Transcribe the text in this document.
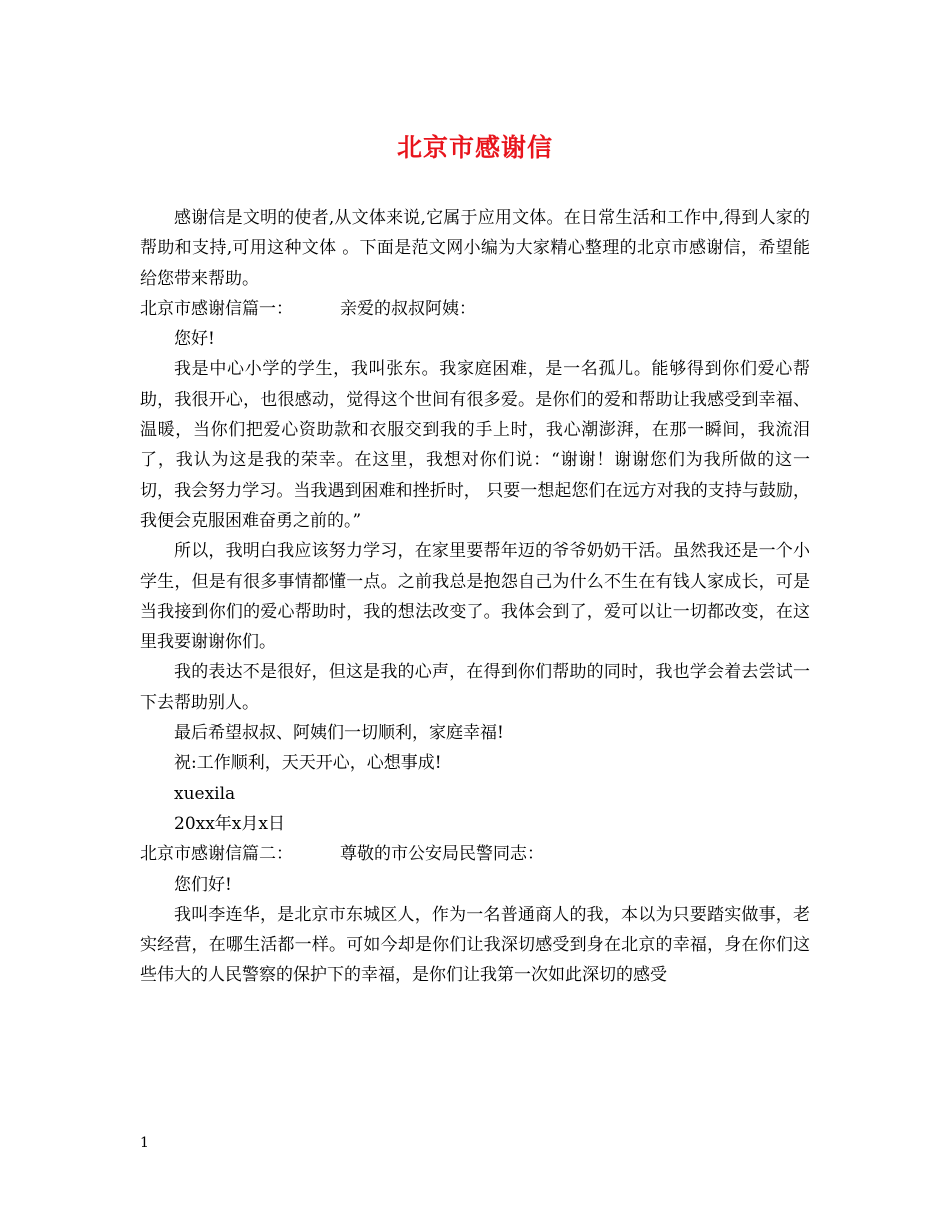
北京市感谢信

感谢信是文明的使者,从文体来说,它属于应用文体。在日常生活和工作中,得到人家的帮助和支持,可用这种文体 。下面是范文网小编为大家精心整理的北京市感谢信，希望能给您带来帮助。

北京市感谢信篇一：	亲爱的叔叔阿姨：

您好!

我是中心小学的学生，我叫张东。我家庭困难，是一名孤儿。能够得到你们爱心帮助，我很开心，也很感动，觉得这个世间有很多爱。是你们的爱和帮助让我感受到幸福、温暖，当你们把爱心资助款和衣服交到我的手上时，我心潮澎湃，在那一瞬间，我流泪了，我认为这是我的荣幸。在这里，我想对你们说：“谢谢！谢谢您们为我所做的这一切，我会努力学习。当我遇到困难和挫折时， 只要一想起您们在远方对我的支持与鼓励，我便会克服困难奋勇之前的。”

所以，我明白我应该努力学习，在家里要帮年迈的爷爷奶奶干活。虽然我还是一个小学生，但是有很多事情都懂一点。之前我总是抱怨自己为什么不生在有钱人家成长，可是当我接到你们的爱心帮助时，我的想法改变了。我体会到了，爱可以让一切都改变，在这里我要谢谢你们。

我的表达不是很好，但这是我的心声，在得到你们帮助的同时，我也学会着去尝试一下去帮助别人。

最后希望叔叔、阿姨们一切顺利，家庭幸福!

祝:工作顺利，天天开心，心想事成!

xuexila

20xx年x月x日

北京市感谢信篇二：	尊敬的市公安局民警同志：

您们好!

我叫李连华，是北京市东城区人，作为一名普通商人的我，本以为只要踏实做事，老实经营，在哪生活都一样。可如今却是你们让我深切感受到身在北京的幸福，身在你们这些伟大的人民警察的保护下的幸福，是你们让我第一次如此深切的感受

1
